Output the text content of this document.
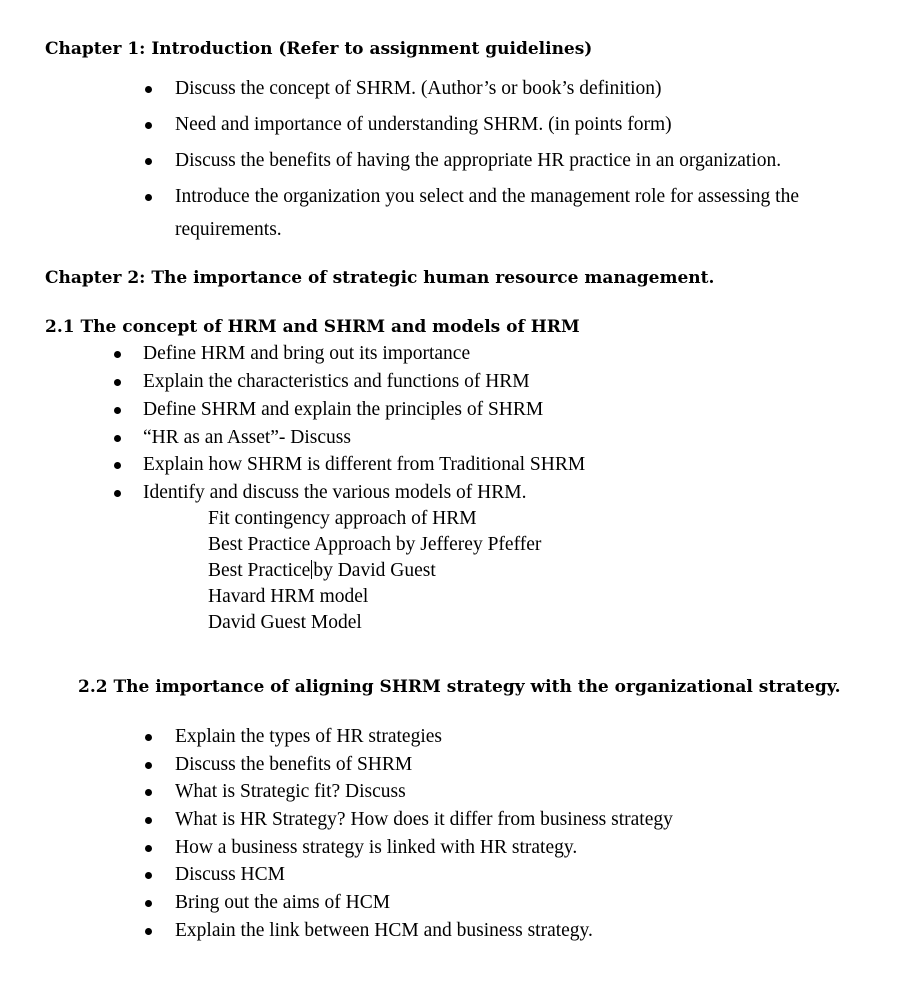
Chapter 1: Introduction (Refer to assignment guidelines)
Discuss the concept of SHRM. (Author’s or book’s definition)
Need and importance of understanding SHRM. (in points form)
Discuss the benefits of having the appropriate HR practice in an organization.
Introduce the organization you select and the management role for assessing the
requirements.
Chapter 2: The importance of strategic human resource management.
2.1 The concept of HRM and SHRM and models of HRM
Define HRM and bring out its importance
Explain the characteristics and functions of HRM
Define SHRM and explain the principles of SHRM
“HR as an Asset”- Discuss
Explain how SHRM is different from Traditional SHRM
Identify and discuss the various models of HRM.
Fit contingency approach of HRM
Best Practice Approach by Jefferey Pfeffer
Best Practice by David Guest
Havard HRM model
David Guest Model
2.2 The importance of aligning SHRM strategy with the organizational strategy.
Explain the types of HR strategies
Discuss the benefits of SHRM
What is Strategic fit? Discuss
What is HR Strategy? How does it differ from business strategy
How a business strategy is linked with HR strategy.
Discuss HCM
Bring out the aims of HCM
Explain the link between HCM and business strategy.
